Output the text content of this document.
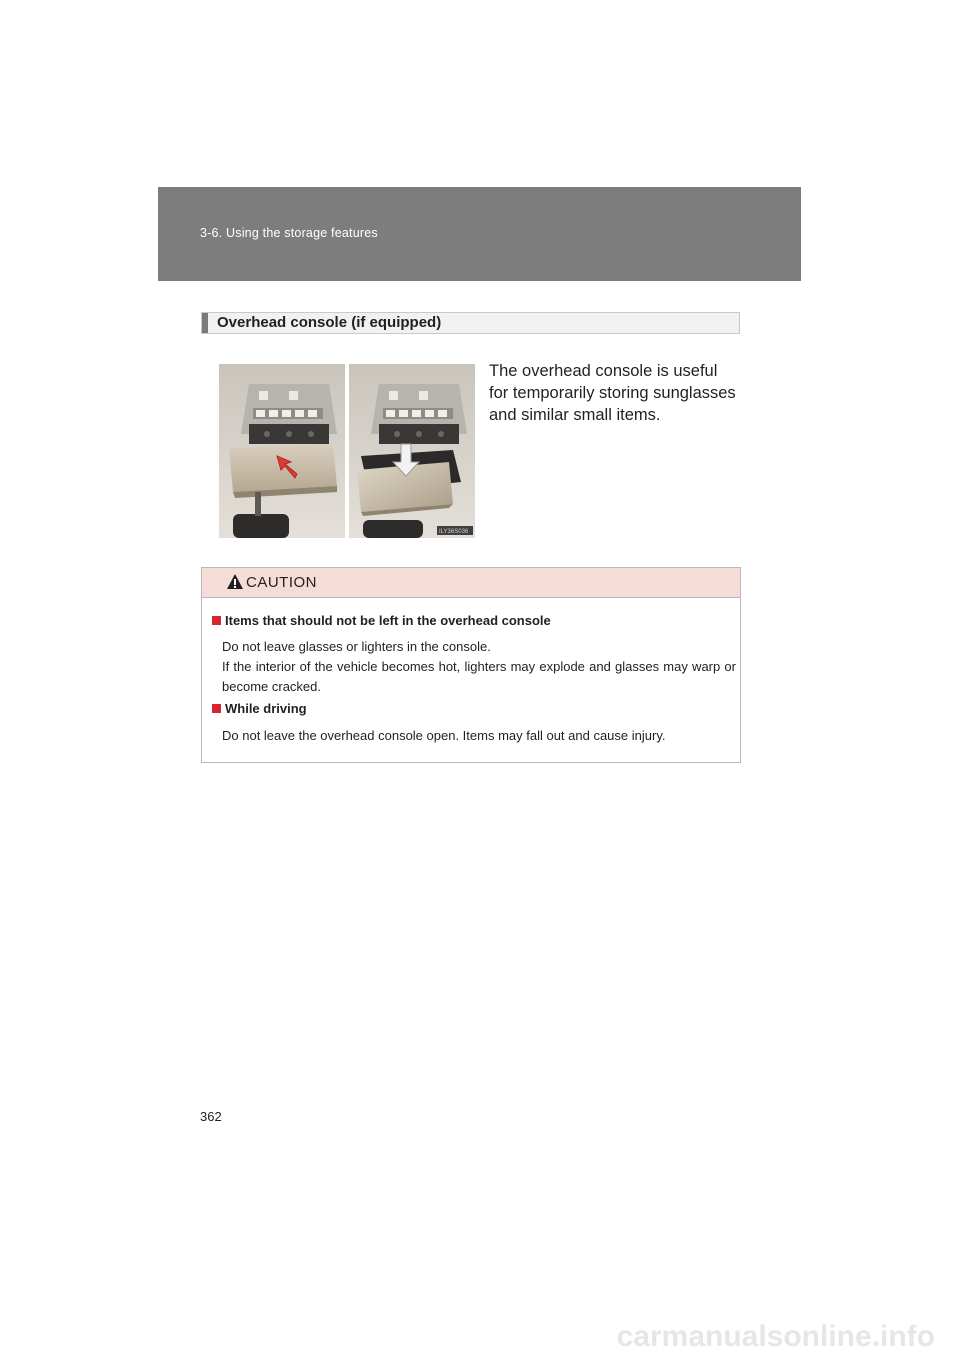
3-6. Using the storage features
Overhead console (if equipped)
ILY36S036
The overhead console is useful for temporarily storing sunglasses and similar small items.
CAUTION
Items that should not be left in the overhead console
Do not leave glasses or lighters in the console.
If the interior of the vehicle becomes hot, lighters may explode and glasses may warp or become cracked.
While driving
Do not leave the overhead console open. Items may fall out and cause injury.
362
carmanualsonline.info
